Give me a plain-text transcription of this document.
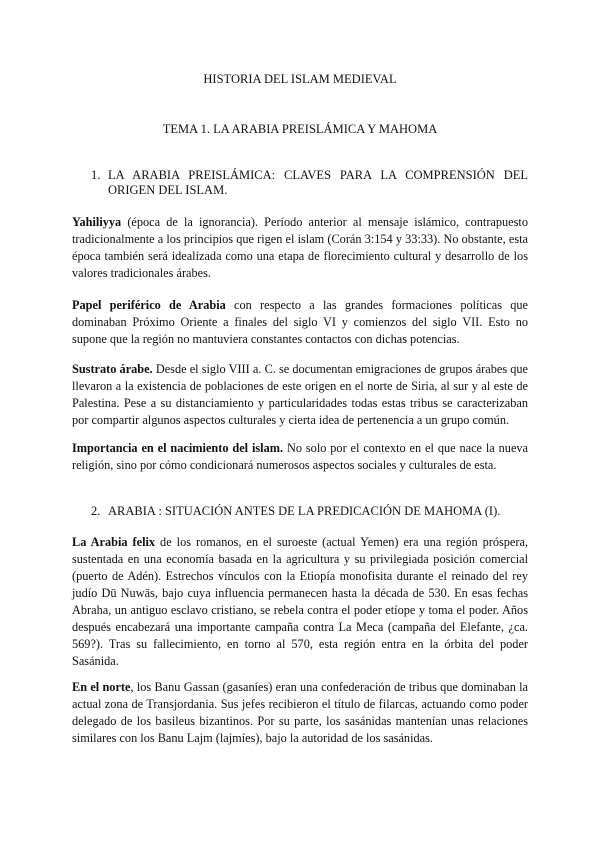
HISTORIA DEL ISLAM MEDIEVAL
TEMA 1. LA ARABIA PREISLÁMICA Y MAHOMA
1. LA ARABIA PREISLÁMICA: CLAVES PARA LA COMPRENSIÓN DEL ORIGEN DEL ISLAM.
Yahiliyya (época de la ignorancia). Período anterior al mensaje islámico, contrapuesto tradicionalmente a los principios que rigen el islam (Corán 3:154 y 33:33). No obstante, esta época también será idealizada como una etapa de florecimiento cultural y desarrollo de los valores tradicionales árabes.
Papel periférico de Arabia con respecto a las grandes formaciones políticas que dominaban Próximo Oriente a finales del siglo VI y comienzos del siglo VII. Esto no supone que la región no mantuviera constantes contactos con dichas potencias.
Sustrato árabe. Desde el siglo VIII a. C. se documentan emigraciones de grupos árabes que llevaron a la existencia de poblaciones de este origen en el norte de Siria, al sur y al este de Palestina. Pese a su distanciamiento y particularidades todas estas tribus se caracterizaban por compartir algunos aspectos culturales y cierta idea de pertenencia a un grupo común.
Importancia en el nacimiento del islam. No solo por el contexto en el que nace la nueva religión, sino por cómo condicionará numerosos aspectos sociales y culturales de esta.
2. ARABIA : SITUACIÓN ANTES DE LA PREDICACIÓN DE MAHOMA (I).
La Arabia felix de los romanos, en el suroeste (actual Yemen) era una región próspera, sustentada en una economía basada en la agricultura y su privilegiada posición comercial (puerto de Adén). Estrechos vínculos con la Etiopía monofisita durante el reinado del rey judío Dū Nuwās, bajo cuya influencia permanecen hasta la década de 530. En esas fechas Abraha, un antiguo esclavo cristiano, se rebela contra el poder etíope y toma el poder. Años después encabezará una importante campaña contra La Meca (campaña del Elefante, ¿ca. 569?). Tras su fallecimiento, en torno al 570, esta región entra en la órbita del poder Sasánida.
En el norte, los Banu Gassan (gasaníes) eran una confederación de tribus que dominaban la actual zona de Transjordania. Sus jefes recibieron el título de filarcas, actuando como poder delegado de los basileus bizantinos. Por su parte, los sasánidas mantenían unas relaciones similares con los Banu Lajm (lajmíes), bajo la autoridad de los sasánidas.
